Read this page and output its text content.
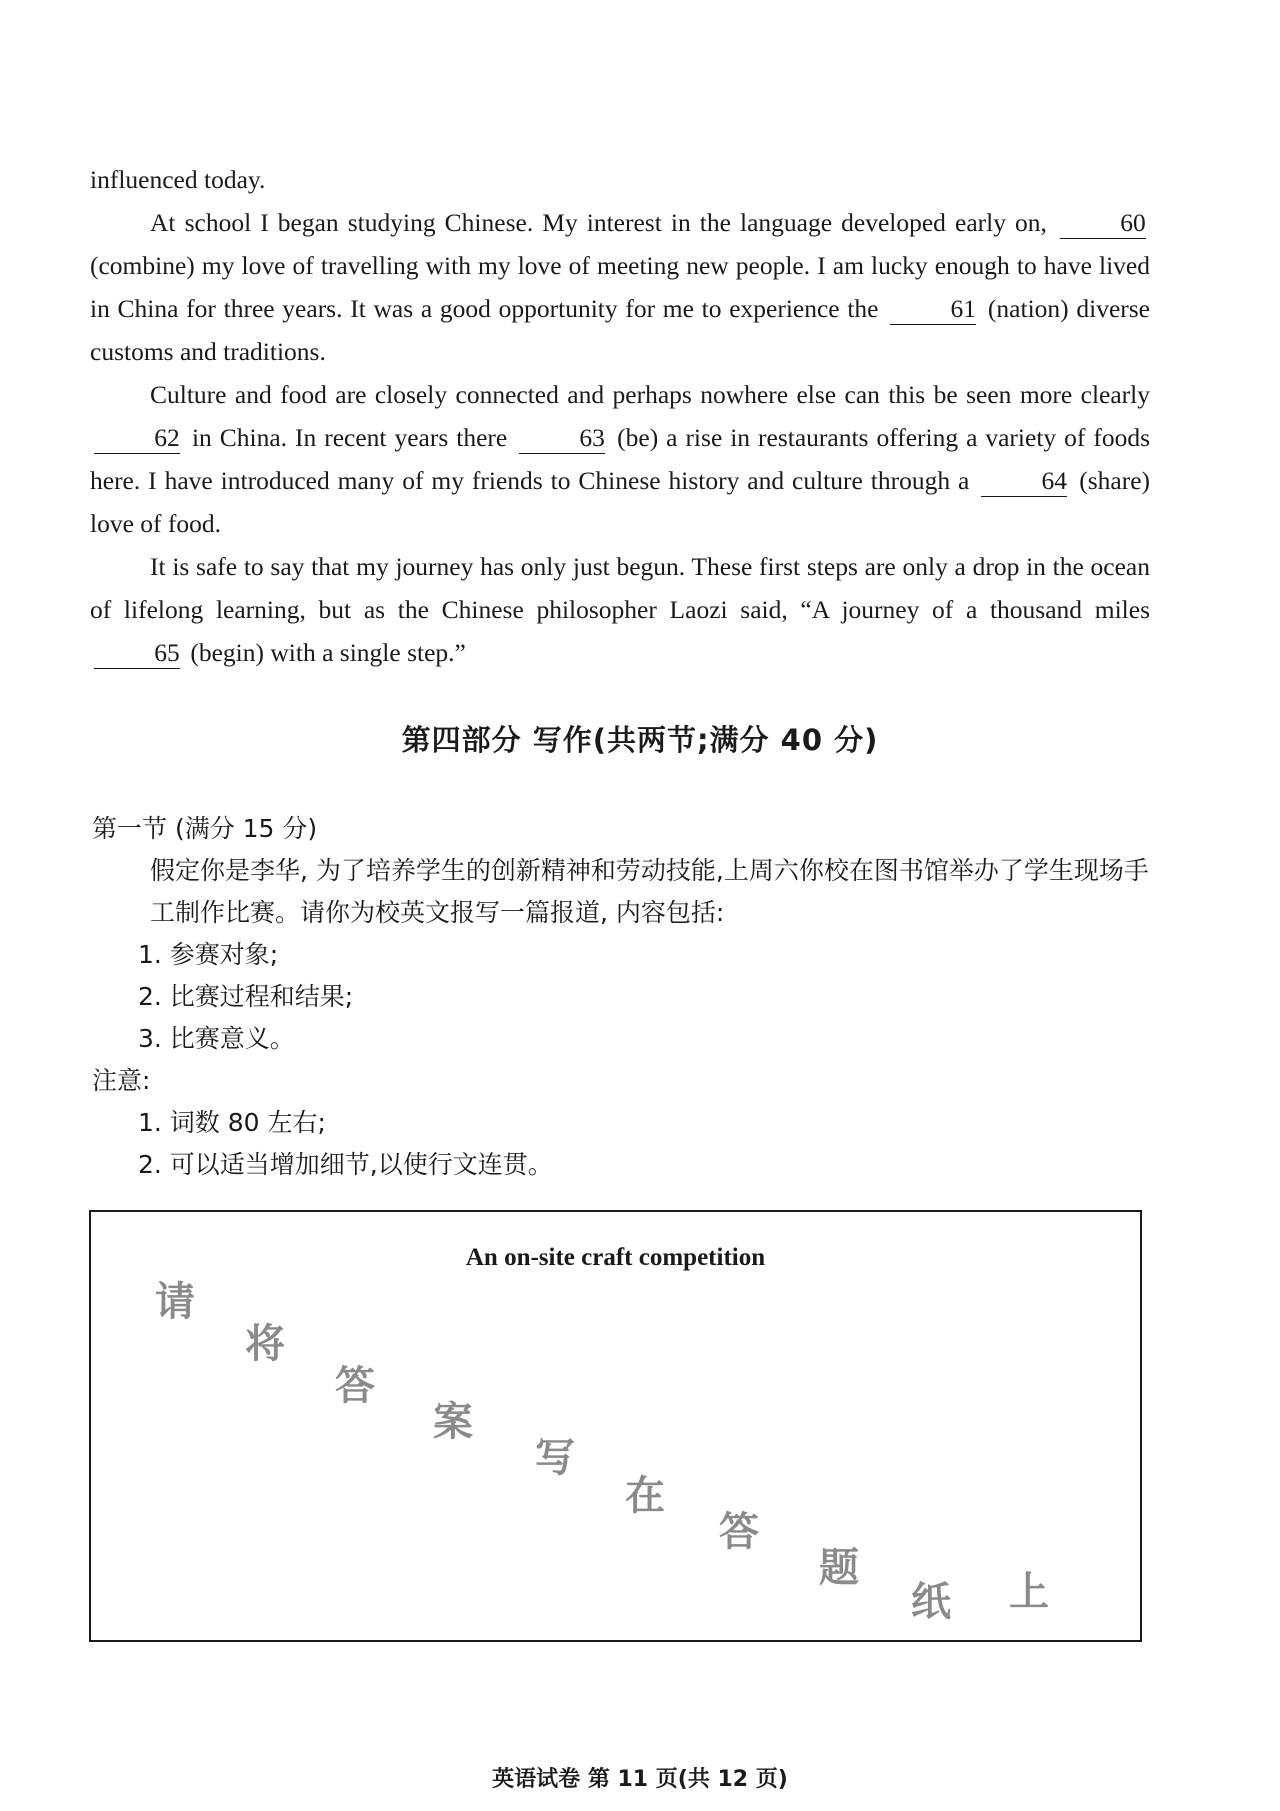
influenced today.

At school I began studying Chinese. My interest in the language developed early on,	60 (combine) my love of travelling with my love of meeting new people. I am lucky enough to have lived in China for three years. It was a good opportunity for me to experience the	61 (nation) diverse customs and traditions.

Culture and food are closely connected and perhaps nowhere else can this be seen more clearly 62 in China. In recent years there	63 (be) a rise in restaurants offering a variety of foods here. I have introduced many of my friends to Chinese history and culture through a	64 (share) love of food.

It is safe to say that my journey has only just begun. These first steps are only a drop in the ocean of lifelong learning, but as the Chinese philosopher Laozi said, “A journey of a thousand miles 65 (begin) with a single step.”

第四部分 写作(共两节;满分 40 分)

第一节 (满分 15 分)

假定你是李华, 为了培养学生的创新精神和劳动技能,上周六你校在图书馆举办了学生现场手工制作比赛。请你为校英文报写一篇报道, 内容包括:

1. 参赛对象;

2. 比赛过程和结果;

3. 比赛意义。

注意:

1. 词数 80 左右;

2. 可以适当增加细节,以使行文连贯。

An on-site craft competition
请
将
答
案
写
在
答
题
纸 上
英语试卷 第 11 页(共 12 页)
